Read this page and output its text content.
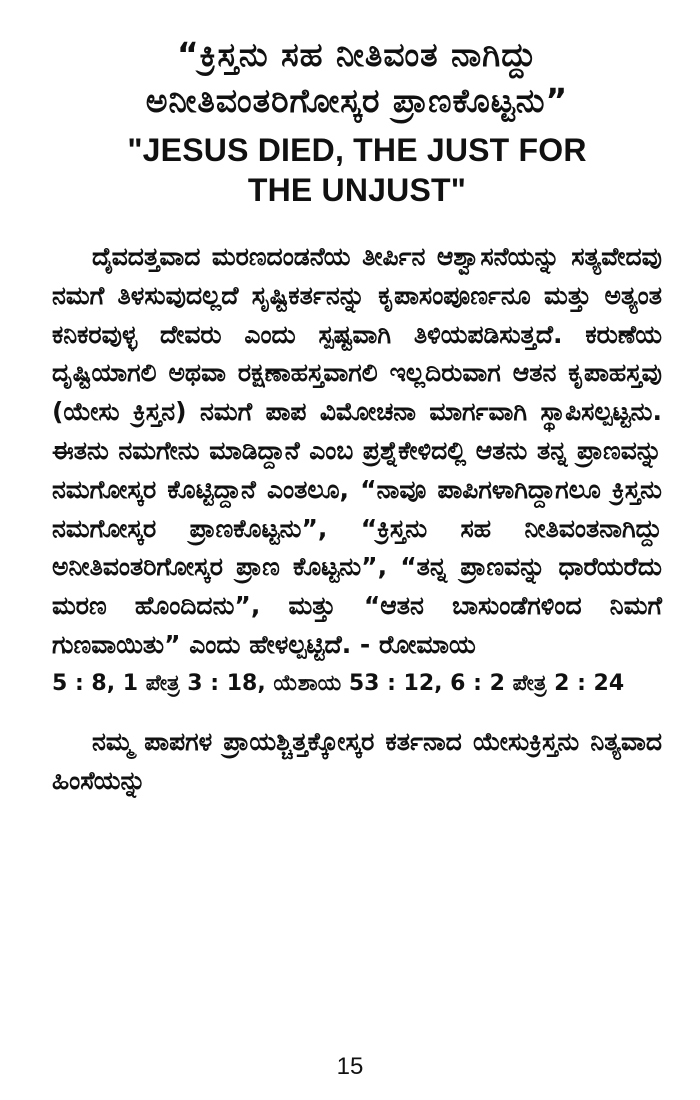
“ಕ್ರಿಸ್ತನು ಸಹ ನೀತಿವಂತ ನಾಗಿದ್ದು
ಅನೀತಿವಂತರಿಗೋಸ್ಕರ ಪ್ರಾಣಕೊಟ್ಟನು”
"JESUS DIED, THE JUST FOR
THE UNJUST"

ದೈವದತ್ತವಾದ ಮರಣದಂಡನೆಯ ತೀರ್ಪಿನ ಆಶ್ವಾಸನೆಯನ್ನು ಸತ್ಯವೇದವು ನಮಗೆ ತಿಳಸುವುದಲ್ಲದೆ ಸೃಷ್ಟಿಕರ್ತನನ್ನು ಕೃಪಾಸಂಪೂರ್ಣನೂ ಮತ್ತು ಅತ್ಯಂತ ಕನಿಕರವುಳ್ಳ ದೇವರು ಎಂದು ಸ್ಪಷ್ಟವಾಗಿ ತಿಳಿಯಪಡಿಸುತ್ತದೆ. ಕರುಣೆಯ ದೃಷ್ಟಿಯಾಗಲಿ ಅಥವಾ ರಕ್ಷಣಾಹಸ್ತವಾಗಲಿ ಇಲ್ಲದಿರುವಾಗ ಆತನ ಕೃಪಾಹಸ್ತವು (ಯೇಸು ಕ್ರಿಸ್ತನ) ನಮಗೆ ಪಾಪ ವಿಮೋಚನಾ ಮಾರ್ಗವಾಗಿ ಸ್ಥಾಪಿಸಲ್ಪಟ್ಟನು. ಈತನು ನಮಗೇನು ಮಾಡಿದ್ದಾನೆ ಎಂಬ ಪ್ರಶ್ನೆಕೇಳಿದಲ್ಲಿ ಆತನು ತನ್ನ ಪ್ರಾಣವನ್ನು ನಮಗೋಸ್ಕರ ಕೊಟ್ಟಿದ್ದಾನೆ ಎಂತಲೂ, “ನಾವೂ ಪಾಪಿಗಳಾಗಿದ್ದಾಗಲೂ ಕ್ರಿಸ್ತನು ನಮಗೋಸ್ಕರ ಪ್ರಾಣಕೊಟ್ಟನು”, “ಕ್ರಿಸ್ತನು ಸಹ ನೀತಿವಂತನಾಗಿದ್ದು ಅನೀತಿವಂತರಿಗೋಸ್ಕರ ಪ್ರಾಣ ಕೊಟ್ಟನು”, “ತನ್ನ ಪ್ರಾಣವನ್ನು ಧಾರೆಯರೆದು ಮರಣ ಹೊಂದಿದನು”, ಮತ್ತು “ಆತನ ಬಾಸುಂಡೆಗಳಿಂದ ನಿಮಗೆ ಗುಣವಾಯಿತು” ಎಂದು ಹೇಳಲ್ಪಟ್ಟಿದೆ. - ರೋಮಾಯ

5 : 8, 1 ಪೇತ್ರ 3 : 18, ಯೆಶಾಯ 53 : 12, 6 : 2 ಪೇತ್ರ 2 : 24

ನಮ್ಮ ಪಾಪಗಳ ಪ್ರಾಯಶ್ಚಿತ್ತಕ್ಕೋಸ್ಕರ ಕರ್ತನಾದ ಯೇಸುಕ್ರಿಸ್ತನು ನಿತ್ಯವಾದ ಹಿಂಸೆಯನ್ನು

15
